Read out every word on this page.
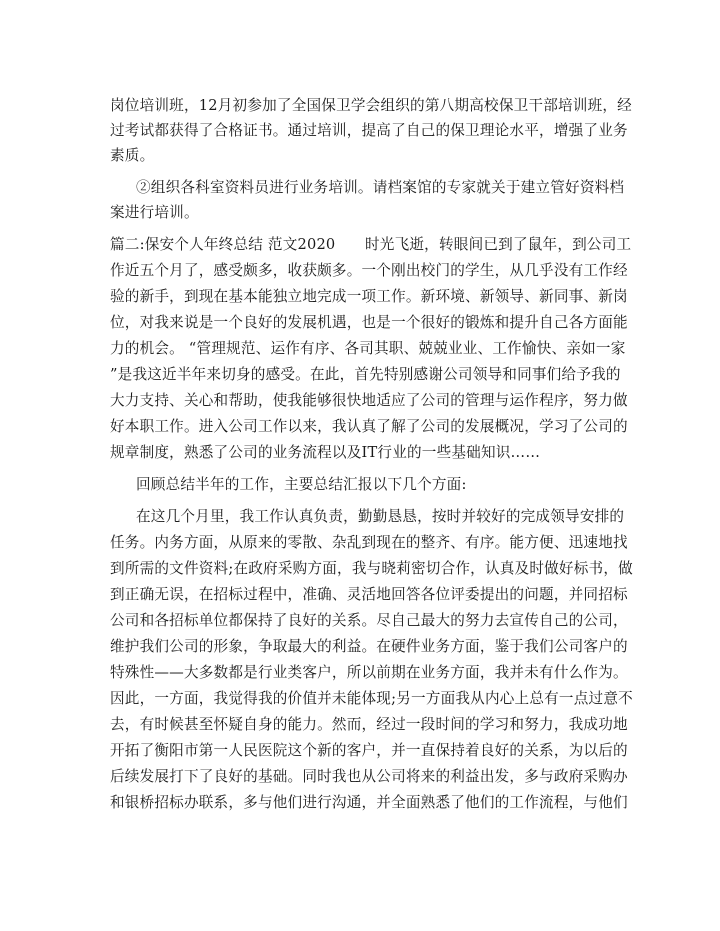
岗位培训班，12月初参加了全国保卫学会组织的第八期高校保卫干部培训班，经
过考试都获得了合格证书。通过培训，提高了自己的保卫理论水平，增强了业务
素质。
②组织各科室资料员进行业务培训。请档案馆的专家就关于建立管好资料档
案进行培训。
篇二:保安个人年终总结 范文2020　　时光飞逝，转眼间已到了鼠年，到公司工
作近五个月了，感受颇多，收获颇多。一个刚出校门的学生，从几乎没有工作经
验的新手，到现在基本能独立地完成一项工作。新环境、新领导、新同事、新岗
位，对我来说是一个良好的发展机遇，也是一个很好的锻炼和提升自己各方面能
力的机会。 “管理规范、运作有序、各司其职、兢兢业业、工作愉快、亲如一家
”是我这近半年来切身的感受。在此，首先特别感谢公司领导和同事们给予我的
大力支持、关心和帮助，使我能够很快地适应了公司的管理与运作程序，努力做
好本职工作。进入公司工作以来，我认真了解了公司的发展概况，学习了公司的
规章制度，熟悉了公司的业务流程以及IT行业的一些基础知识……
回顾总结半年的工作，主要总结汇报以下几个方面:
在这几个月里，我工作认真负责，勤勤恳恳，按时并较好的完成领导安排的
任务。内务方面，从原来的零散、杂乱到现在的整齐、有序。能方便、迅速地找
到所需的文件资料;在政府采购方面，我与晓莉密切合作，认真及时做好标书，做
到正确无误，在招标过程中，准确、灵活地回答各位评委提出的问题，并同招标
公司和各招标单位都保持了良好的关系。尽自己最大的努力去宣传自己的公司，
维护我们公司的形象，争取最大的利益。在硬件业务方面，鉴于我们公司客户的
特殊性——大多数都是行业类客户，所以前期在业务方面，我并未有什么作为。
因此，一方面，我觉得我的价值并未能体现;另一方面我从内心上总有一点过意不
去，有时候甚至怀疑自身的能力。然而，经过一段时间的学习和努力，我成功地
开拓了衡阳市第一人民医院这个新的客户，并一直保持着良好的关系，为以后的
后续发展打下了良好的基础。同时我也从公司将来的利益出发，多与政府采购办
和银桥招标办联系，多与他们进行沟通，并全面熟悉了他们的工作流程，与他们
